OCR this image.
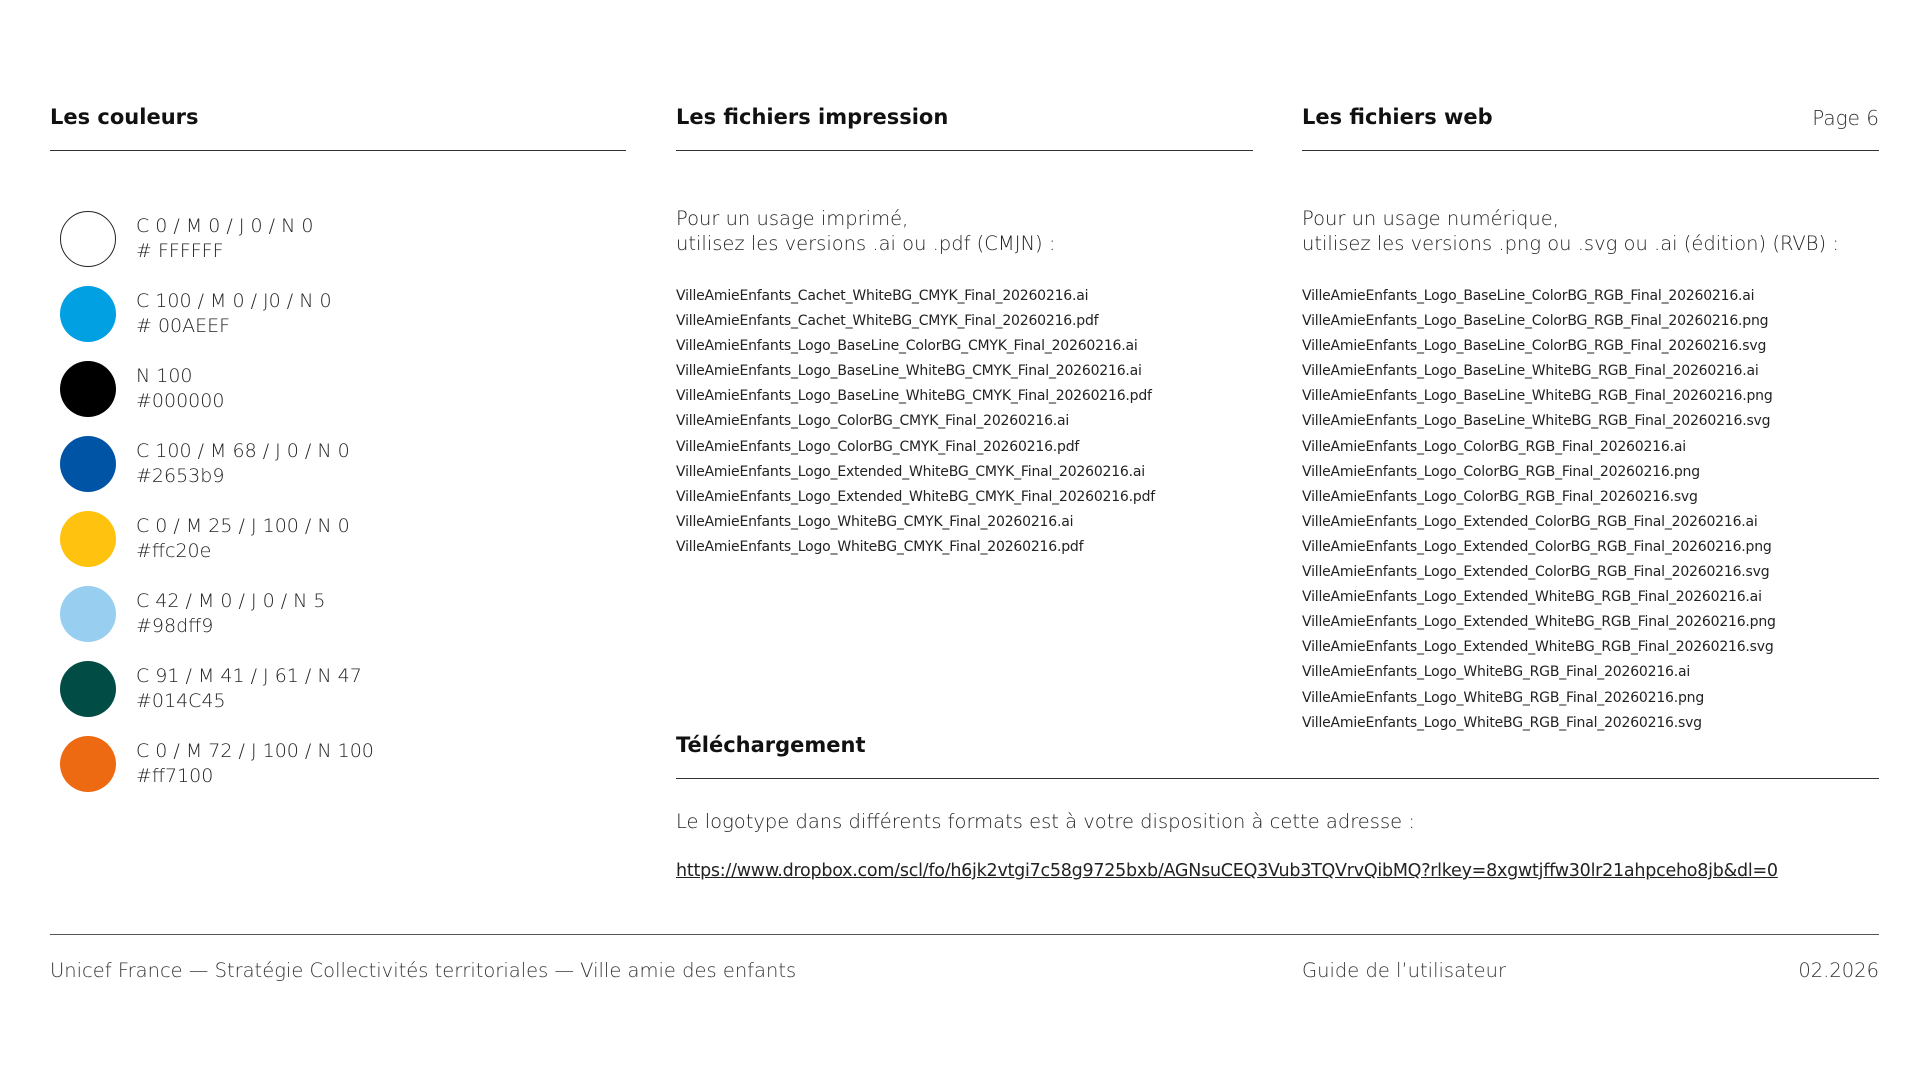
Les couleurs
C 0 / M 0 / J 0 / N 0
# FFFFFF
C 100 / M 0 / J0 / N 0
# 00AEEF
N 100
#000000
C 100 / M 68 / J 0 / N 0
#2653b9
C 0 / M 25 / J 100 / N 0
#ffc20e
C 42 / M 0 / J 0 / N 5
#98dff9
C 91 / M 41 / J 61 / N 47
#014C45
C 0 / M 72 / J 100 / N 100
#ff7100
Les fichiers impression
Pour un usage imprimé,
utilisez les versions .ai ou .pdf (CMJN) :
VilleAmieEnfants_Cachet_WhiteBG_CMYK_Final_20260216.ai
VilleAmieEnfants_Cachet_WhiteBG_CMYK_Final_20260216.pdf
VilleAmieEnfants_Logo_BaseLine_ColorBG_CMYK_Final_20260216.ai
VilleAmieEnfants_Logo_BaseLine_WhiteBG_CMYK_Final_20260216.ai
VilleAmieEnfants_Logo_BaseLine_WhiteBG_CMYK_Final_20260216.pdf
VilleAmieEnfants_Logo_ColorBG_CMYK_Final_20260216.ai
VilleAmieEnfants_Logo_ColorBG_CMYK_Final_20260216.pdf
VilleAmieEnfants_Logo_Extended_WhiteBG_CMYK_Final_20260216.ai
VilleAmieEnfants_Logo_Extended_WhiteBG_CMYK_Final_20260216.pdf
VilleAmieEnfants_Logo_WhiteBG_CMYK_Final_20260216.ai
VilleAmieEnfants_Logo_WhiteBG_CMYK_Final_20260216.pdf
Les fichiers web
Pour un usage numérique,
utilisez les versions .png ou .svg ou .ai (édition) (RVB) :
VilleAmieEnfants_Logo_BaseLine_ColorBG_RGB_Final_20260216.ai
VilleAmieEnfants_Logo_BaseLine_ColorBG_RGB_Final_20260216.png
VilleAmieEnfants_Logo_BaseLine_ColorBG_RGB_Final_20260216.svg
VilleAmieEnfants_Logo_BaseLine_WhiteBG_RGB_Final_20260216.ai
VilleAmieEnfants_Logo_BaseLine_WhiteBG_RGB_Final_20260216.png
VilleAmieEnfants_Logo_BaseLine_WhiteBG_RGB_Final_20260216.svg
VilleAmieEnfants_Logo_ColorBG_RGB_Final_20260216.ai
VilleAmieEnfants_Logo_ColorBG_RGB_Final_20260216.png
VilleAmieEnfants_Logo_ColorBG_RGB_Final_20260216.svg
VilleAmieEnfants_Logo_Extended_ColorBG_RGB_Final_20260216.ai
VilleAmieEnfants_Logo_Extended_ColorBG_RGB_Final_20260216.png
VilleAmieEnfants_Logo_Extended_ColorBG_RGB_Final_20260216.svg
VilleAmieEnfants_Logo_Extended_WhiteBG_RGB_Final_20260216.ai
VilleAmieEnfants_Logo_Extended_WhiteBG_RGB_Final_20260216.png
VilleAmieEnfants_Logo_Extended_WhiteBG_RGB_Final_20260216.svg
VilleAmieEnfants_Logo_WhiteBG_RGB_Final_20260216.ai
VilleAmieEnfants_Logo_WhiteBG_RGB_Final_20260216.png
VilleAmieEnfants_Logo_WhiteBG_RGB_Final_20260216.svg
Page 6
Téléchargement
Le logotype dans différents formats est à votre disposition à cette adresse :
https://www.dropbox.com/scl/fo/h6jk2vtgi7c58g9725bxb/AGNsuCEQ3Vub3TQVrvQibMQ?rlkey=8xgwtjffw30lr21ahpceho8jb&dl=0
Unicef France — Stratégie Collectivités territoriales — Ville amie des enfants	Guide de l’utilisateur	02.2026
